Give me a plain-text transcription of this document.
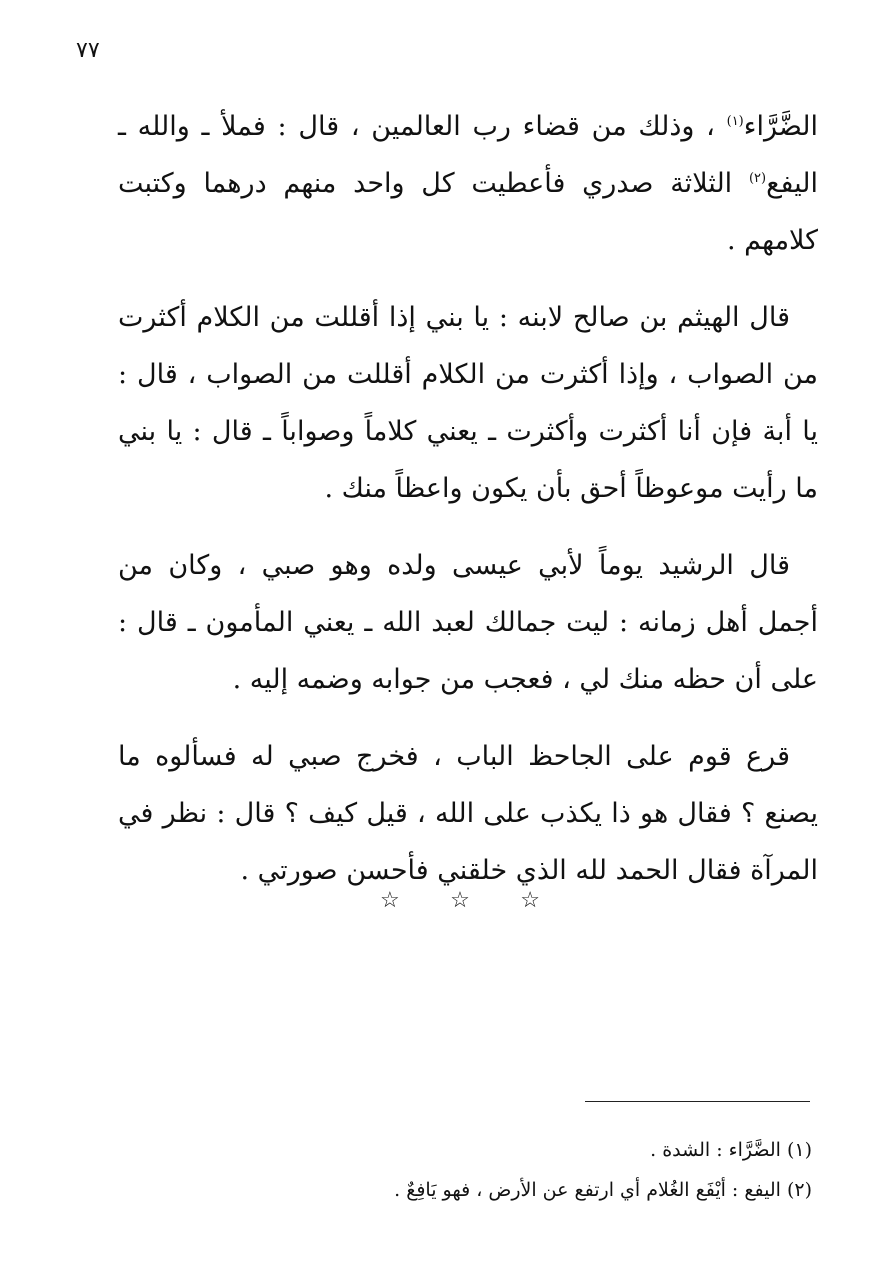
٧٧

الضَّرَّاء$^{(١)}$ ، وذلك من قضاء رب العالمين ، قال : فملأ ـ والله ـ اليفع$^{(٢)}$ الثلاثة صدري فأعطيت كل واحد منهم درهما وكتبت كلامهم .

قال الهيثم بن صالح لابنه : يا بني إذا أقللت من الكلام أكثرت من الصواب ، وإذا أكثرت من الكلام أقللت من الصواب ، قال : يا أبة فإن أنا أكثرت وأكثرت ـ يعني كلاماً وصواباً ـ قال : يا بني ما رأيت موعوظاً أحق بأن يكون واعظاً منك .

قال الرشيد يوماً لأبي عيسى ولده وهو صبي ، وكان من أجمل أهل زمانه : ليت جمالك لعبد الله ـ يعني المأمون ـ قال : على أن حظه منك لي ، فعجب من جوابه وضمه إليه .

قرع قوم على الجاحظ الباب ، فخرج صبي له فسألوه ما يصنع ؟ فقال هو ذا يكذب على الله ، قيل كيف ؟ قال : نظر في المرآة فقال الحمد لله الذي خلقني فأحسن صورتي .

☆ ☆ ☆

(١) الضَّرَّاء : الشدة .

(٢) اليفع : أيْفَع الغُلام أي ارتفع عن الأرض ، فهو يَافِعٌ .
